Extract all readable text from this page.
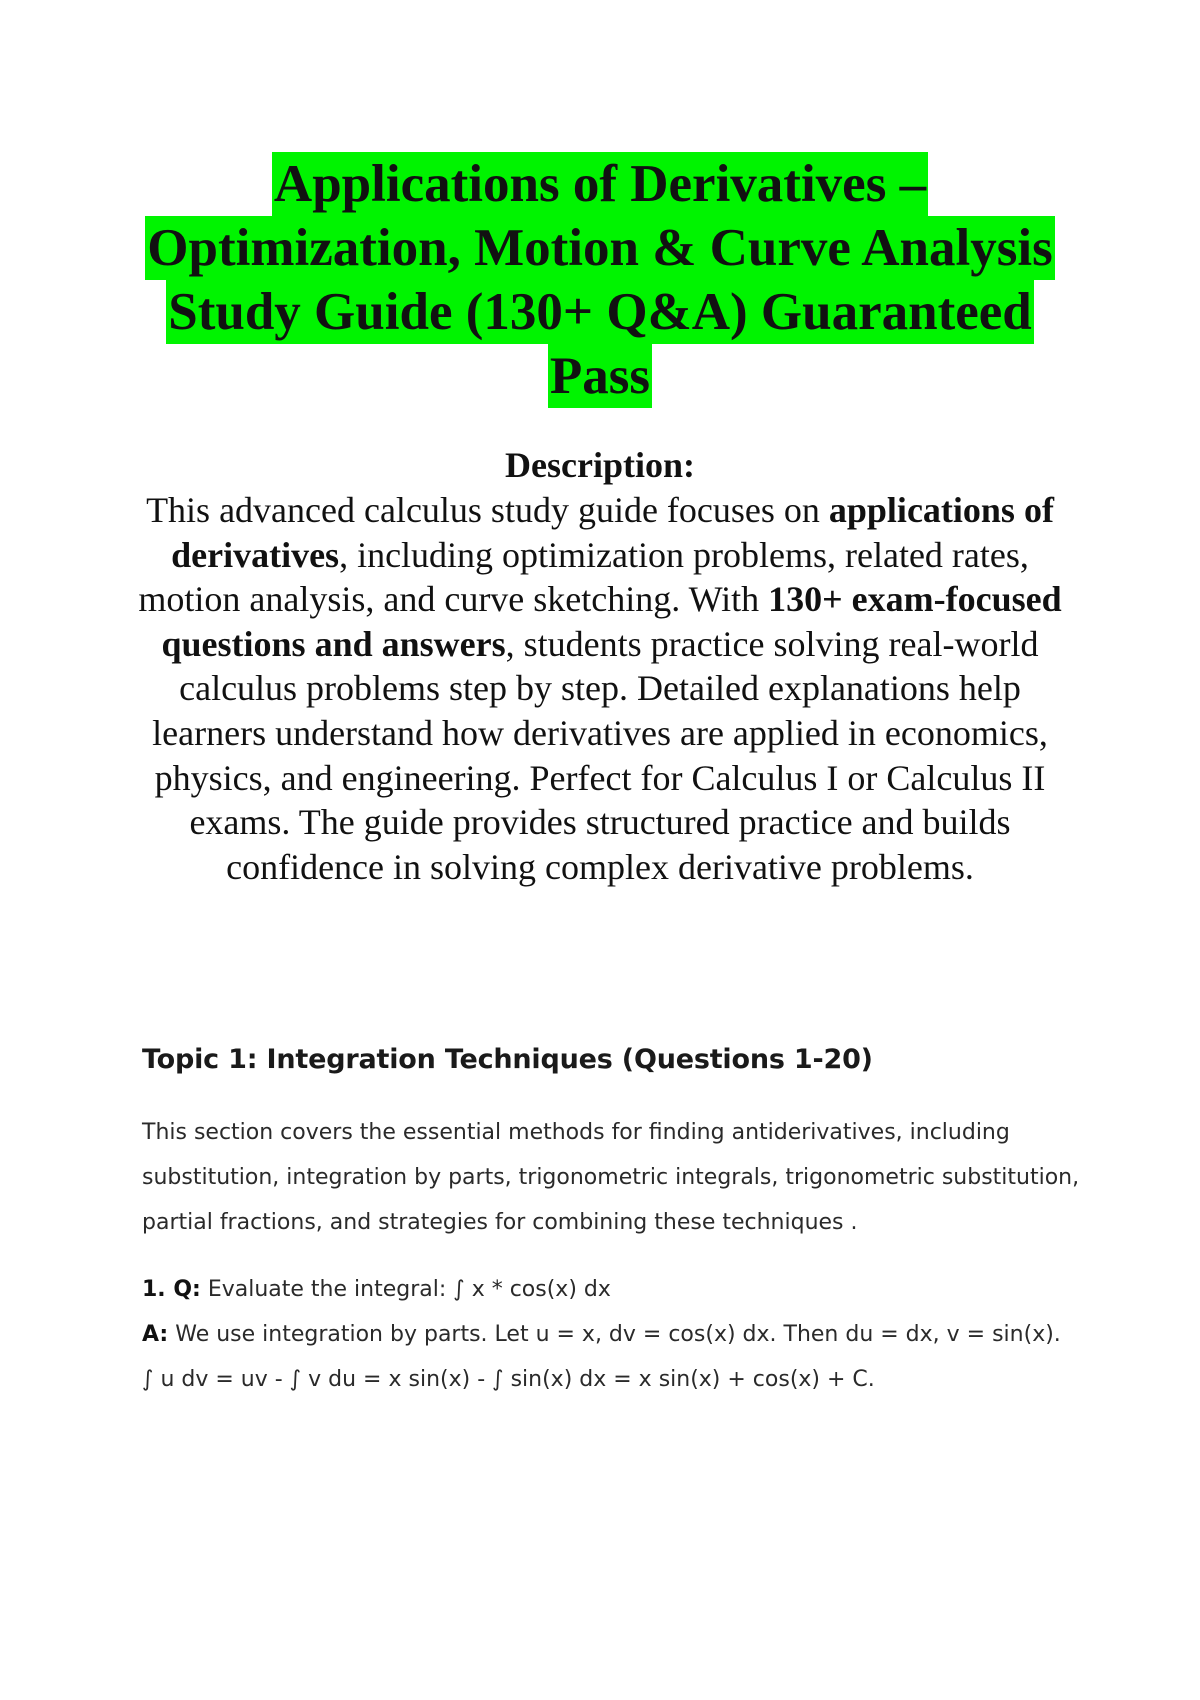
Applications of Derivatives –
Optimization, Motion & Curve Analysis
Study Guide (130+ Q&A) Guaranteed
Pass

Description:

This advanced calculus study guide focuses on applications of derivatives, including optimization problems, related rates, motion analysis, and curve sketching. With 130+ exam-focused questions and answers, students practice solving real-world calculus problems step by step. Detailed explanations help learners understand how derivatives are applied in economics, physics, and engineering. Perfect for Calculus I or Calculus II exams. The guide provides structured practice and builds confidence in solving complex derivative problems.

Topic 1: Integration Techniques (Questions 1-20)

This section covers the essential methods for finding antiderivatives, including
substitution, integration by parts, trigonometric integrals, trigonometric substitution,
partial fractions, and strategies for combining these techniques .

1. Q: Evaluate the integral: ∫ x * cos(x) dx
A: We use integration by parts. Let u = x, dv = cos(x) dx. Then du = dx, v = sin(x).
∫ u dv = uv - ∫ v du = x sin(x) - ∫ sin(x) dx = x sin(x) + cos(x) + C.
